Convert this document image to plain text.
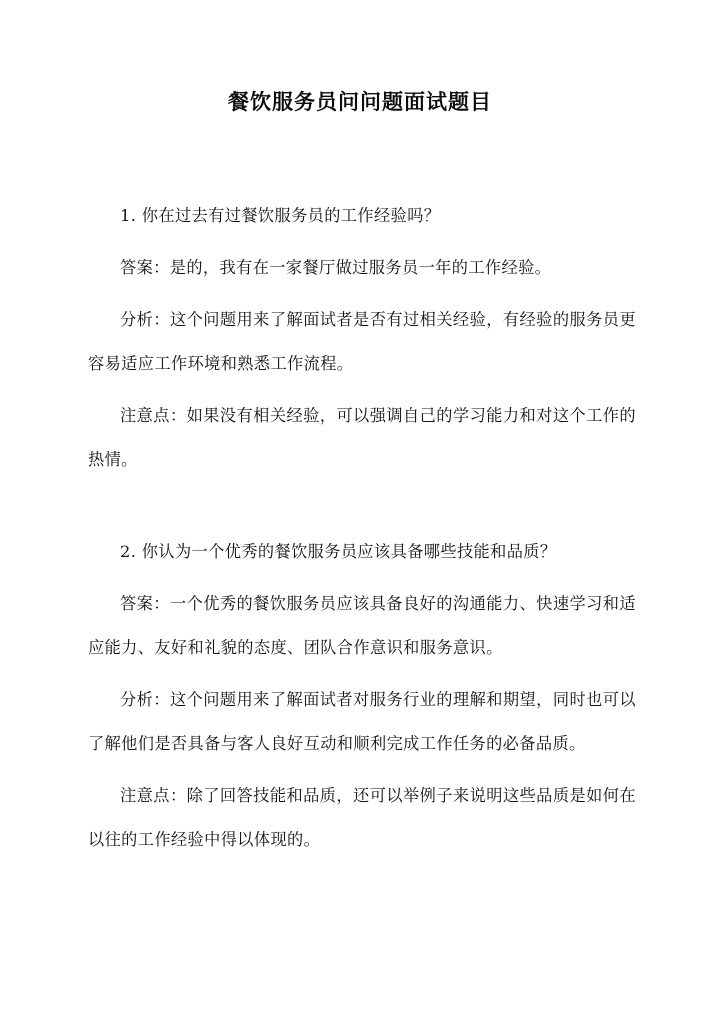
餐饮服务员问问题面试题目

1. 你在过去有过餐饮服务员的工作经验吗？

答案：是的，我有在一家餐厅做过服务员一年的工作经验。

分析：这个问题用来了解面试者是否有过相关经验，有经验的服务员更容易适应工作环境和熟悉工作流程。

注意点：如果没有相关经验，可以强调自己的学习能力和对这个工作的热情。

2. 你认为一个优秀的餐饮服务员应该具备哪些技能和品质？

答案：一个优秀的餐饮服务员应该具备良好的沟通能力、快速学习和适应能力、友好和礼貌的态度、团队合作意识和服务意识。

分析：这个问题用来了解面试者对服务行业的理解和期望，同时也可以了解他们是否具备与客人良好互动和顺利完成工作任务的必备品质。

注意点：除了回答技能和品质，还可以举例子来说明这些品质是如何在以往的工作经验中得以体现的。
